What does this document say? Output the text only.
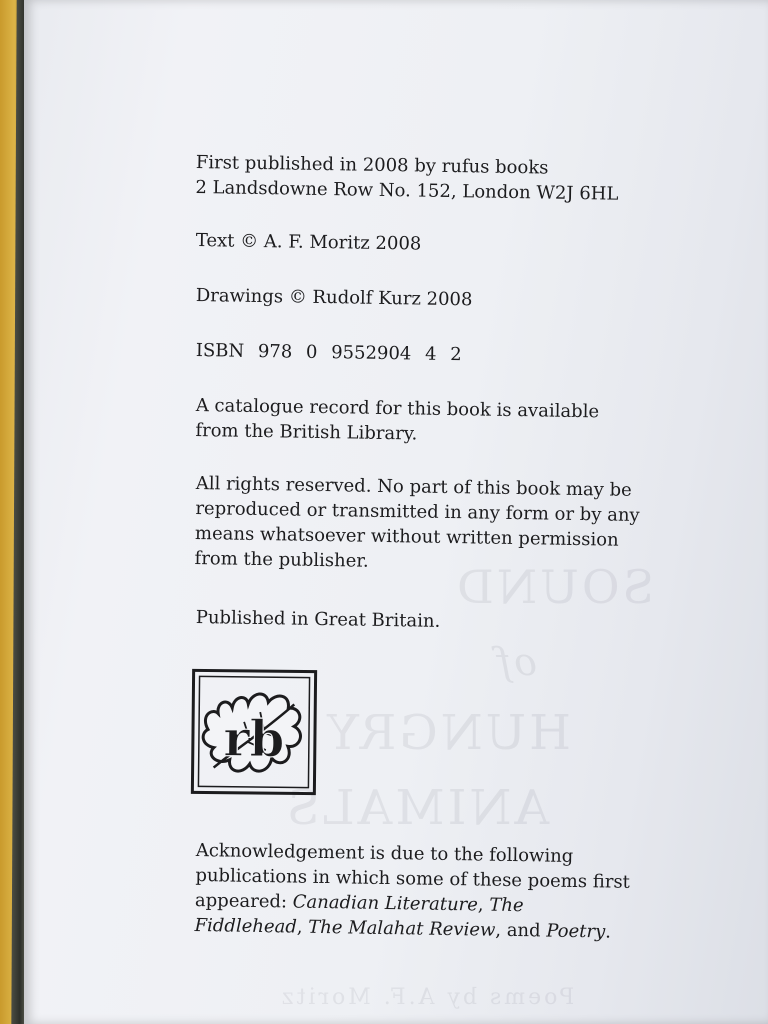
SOUND
of
HUNGRY
ANIMALS
Poems by A.F. Moritz

First published in 2008 by rufus books

2 Landsdowne Row No. 152, London W2J 6HL

Text © A. F. Moritz 2008
Drawings © Rudolf Kurz 2008
ISBN 978 0 9552904 4 2

A catalogue record for this book is available from the British Library.

All rights reserved. No part of this book may be reproduced or transmitted in any form or by any means whatsoever without written permission from the publisher.

Published in Great Britain.
rb

Acknowledgement is due to the following publications in which some of these poems first appeared: Canadian Literature, The Fiddlehead, The Malahat Review, and Poetry.
